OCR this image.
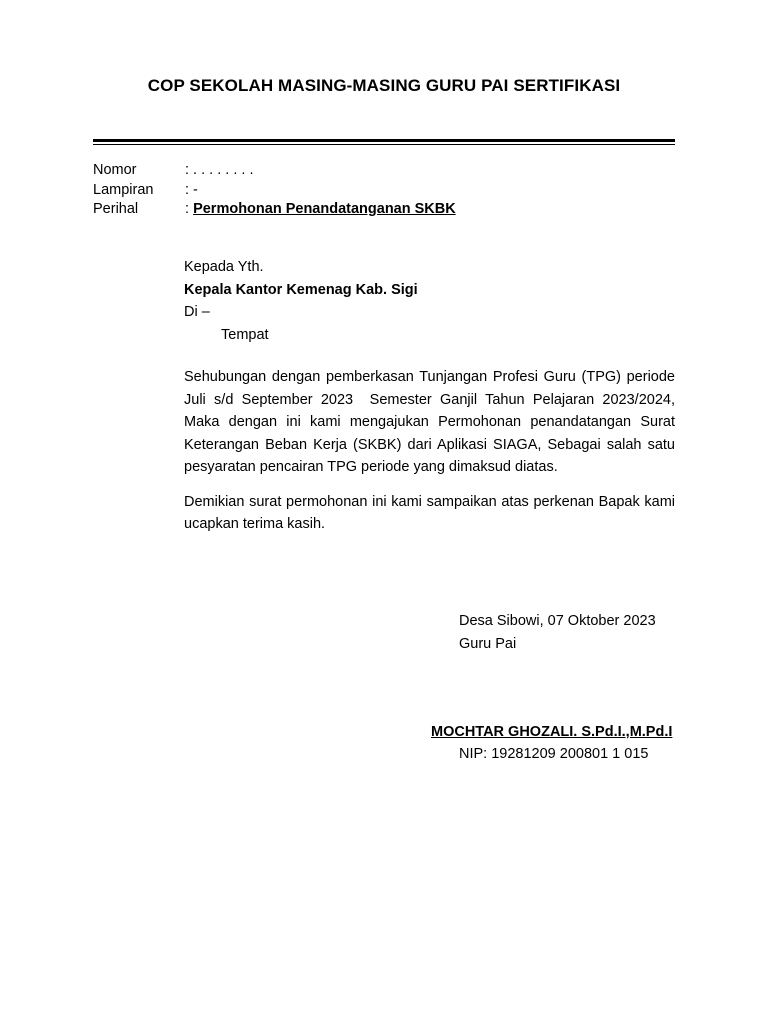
COP SEKOLAH MASING-MASING GURU PAI SERTIFIKASI
Nomor	: . . . . . . . .
Lampiran	: -
Perihal	: Permohonan Penandatanganan SKBK
Kepada Yth.
Kepala Kantor Kemenag Kab. Sigi
Di –
Tempat

Sehubungan dengan pemberkasan Tunjangan Profesi Guru (TPG) periode Juli s/d September 2023  Semester Ganjil Tahun Pelajaran 2023/2024, Maka dengan ini kami mengajukan Permohonan penandatangan Surat Keterangan Beban Kerja (SKBK) dari Aplikasi SIAGA, Sebagai salah satu pesyaratan pencairan TPG periode yang dimaksud diatas.

Demikian surat permohonan ini kami sampaikan atas perkenan Bapak kami ucapkan terima kasih.

Desa Sibowi, 07 Oktober 2023
Guru Pai
MOCHTAR GHOZALI. S.Pd.I.,M.Pd.I
NIP: 19281209 200801 1 015
